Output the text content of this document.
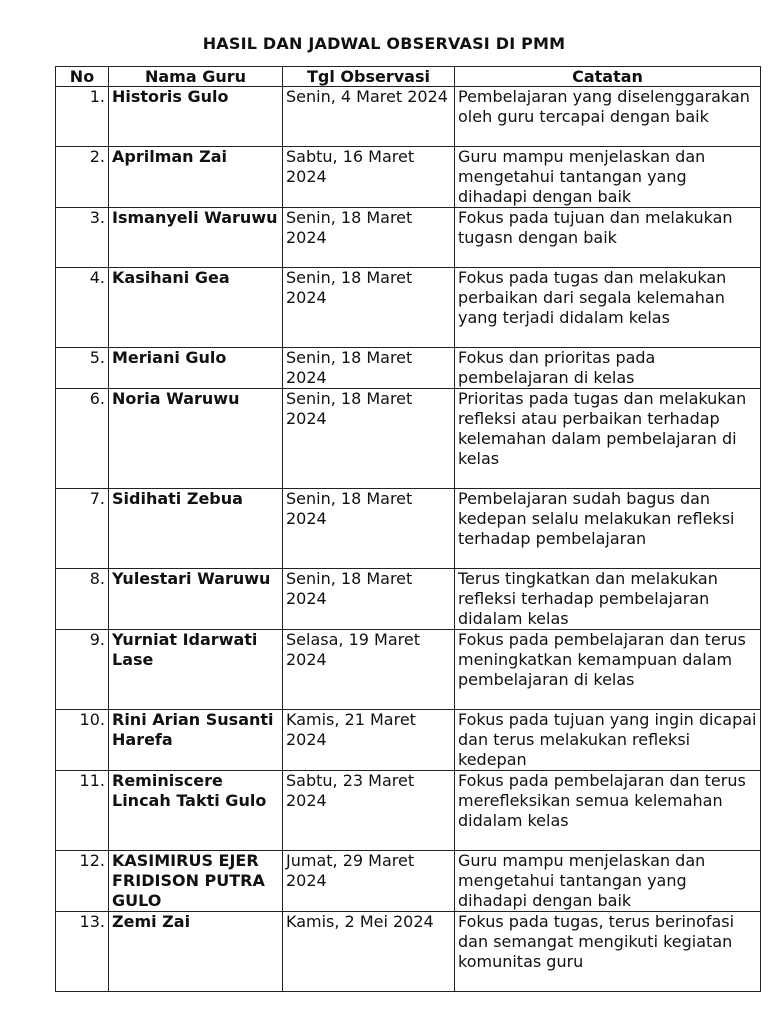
HASIL DAN JADWAL OBSERVASI DI PMM
No	Nama Guru	Tgl Observasi	Catatan
1.	Historis Gulo	Senin, 4 Maret 2024	Pembelajaran yang diselenggarakan oleh guru tercapai dengan baik
2.	Aprilman Zai	Sabtu, 16 Maret 2024	Guru mampu menjelaskan dan mengetahui tantangan yang dihadapi dengan baik
3.	Ismanyeli Waruwu	Senin, 18 Maret 2024	Fokus pada tujuan dan melakukan tugasn dengan baik
4.	Kasihani Gea	Senin, 18 Maret 2024	Fokus pada tugas dan melakukan perbaikan dari segala kelemahan yang terjadi didalam kelas
5.	Meriani Gulo	Senin, 18 Maret 2024	Fokus dan prioritas pada pembelajaran di kelas
6.	Noria Waruwu	Senin, 18 Maret 2024	Prioritas pada tugas dan melakukan refleksi atau perbaikan terhadap kelemahan dalam pembelajaran di kelas
7.	Sidihati Zebua	Senin, 18 Maret 2024	Pembelajaran sudah bagus dan kedepan selalu melakukan refleksi terhadap pembelajaran
8.	Yulestari Waruwu	Senin, 18 Maret 2024	Terus tingkatkan dan melakukan refleksi terhadap pembelajaran didalam kelas
9.	Yurniat Idarwati Lase	Selasa, 19 Maret 2024	Fokus pada pembelajaran dan terus meningkatkan kemampuan dalam pembelajaran di kelas
10.	Rini Arian Susanti Harefa	Kamis, 21 Maret 2024	Fokus pada tujuan yang ingin dicapai dan terus melakukan refleksi kedepan
11.	Reminiscere Lincah Takti Gulo	Sabtu, 23 Maret 2024	Fokus pada pembelajaran dan terus merefleksikan semua kelemahan didalam kelas
12.	KASIMIRUS EJER FRIDISON PUTRA GULO	Jumat, 29 Maret 2024	Guru mampu menjelaskan dan mengetahui tantangan yang dihadapi dengan baik
13.	Zemi Zai	Kamis, 2 Mei 2024	Fokus pada tugas, terus berinofasi dan semangat mengikuti kegiatan komunitas guru
